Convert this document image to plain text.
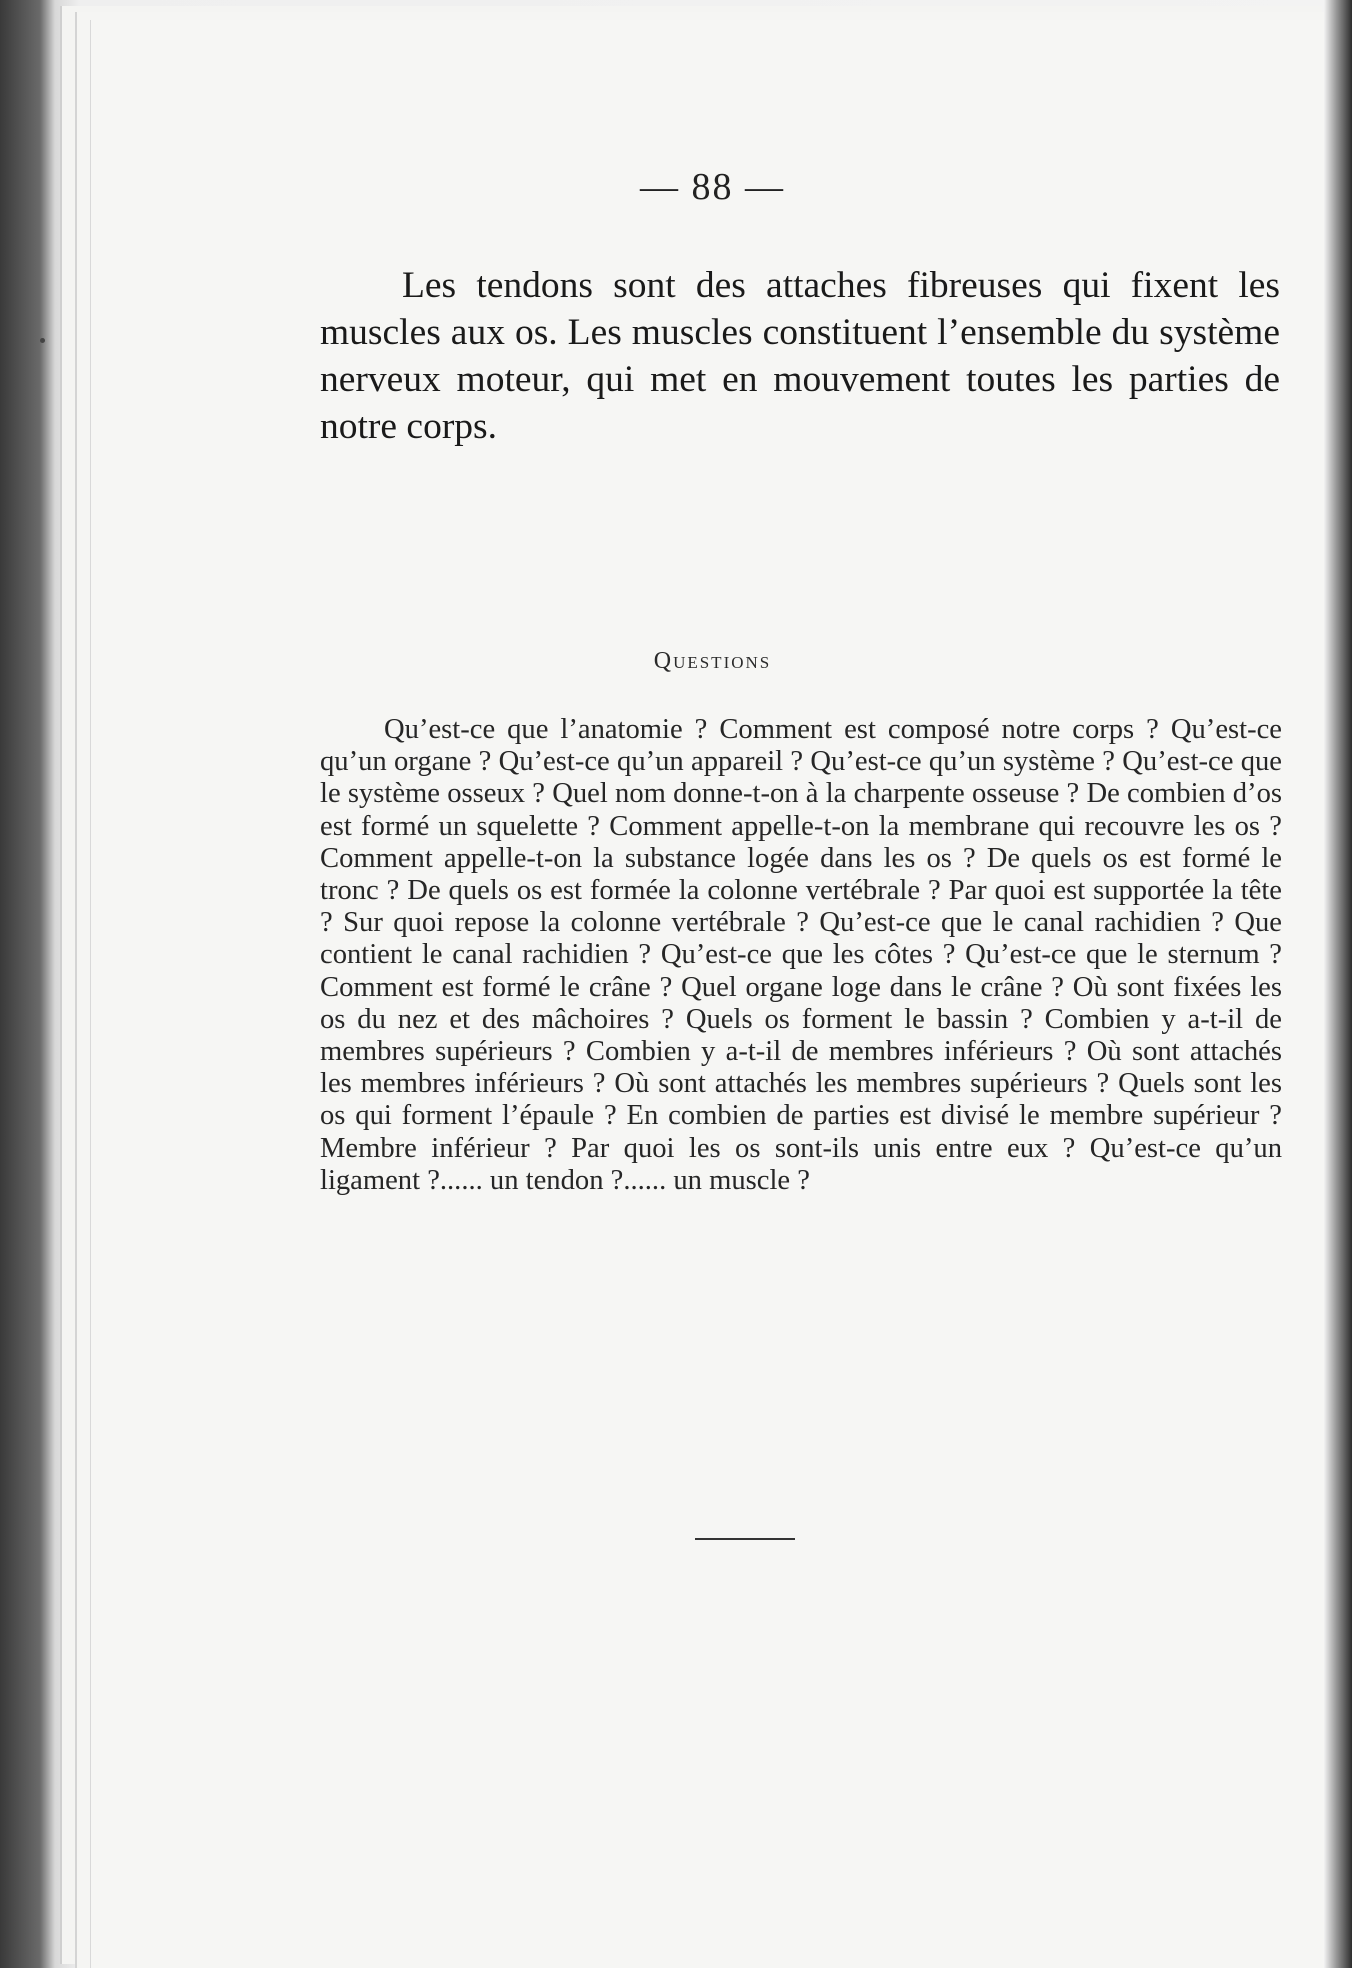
— 88 —

Les tendons sont des attaches fibreuses qui fixent les muscles aux os. Les muscles constituent l’ensemble du système nerveux moteur, qui met en mouvement toutes les parties de notre corps.

Questions

Qu’est-ce que l’anatomie ? Comment est composé notre corps ? Qu’est-ce qu’un organe ? Qu’est-ce qu’un appareil ? Qu’est-ce qu’un système ? Qu’est-ce que le système osseux ? Quel nom donne-t-on à la charpente osseuse ? De combien d’os est formé un squelette ? Comment appelle-t-on la membrane qui recouvre les os ? Comment appelle-t-on la substance logée dans les os ? De quels os est formé le tronc ? De quels os est formée la colonne vertébrale ? Par quoi est supportée la tête ? Sur quoi repose la colonne vertébrale ? Qu’est-ce que le canal rachidien ? Que contient le canal rachidien ? Qu’est-ce que les côtes ? Qu’est-ce que le sternum ? Comment est formé le crâne ? Quel organe loge dans le crâne ? Où sont fixées les os du nez et des mâchoires ? Quels os forment le bassin ? Combien y a-t-il de membres supérieurs ? Combien y a-t-il de membres inférieurs ? Où sont attachés les membres inférieurs ? Où sont attachés les membres supérieurs ? Quels sont les os qui forment l’épaule ? En combien de parties est divisé le membre supérieur ? Membre inférieur ? Par quoi les os sont-ils unis entre eux ? Qu’est-ce qu’un ligament ?...... un tendon ?...... un muscle ?
